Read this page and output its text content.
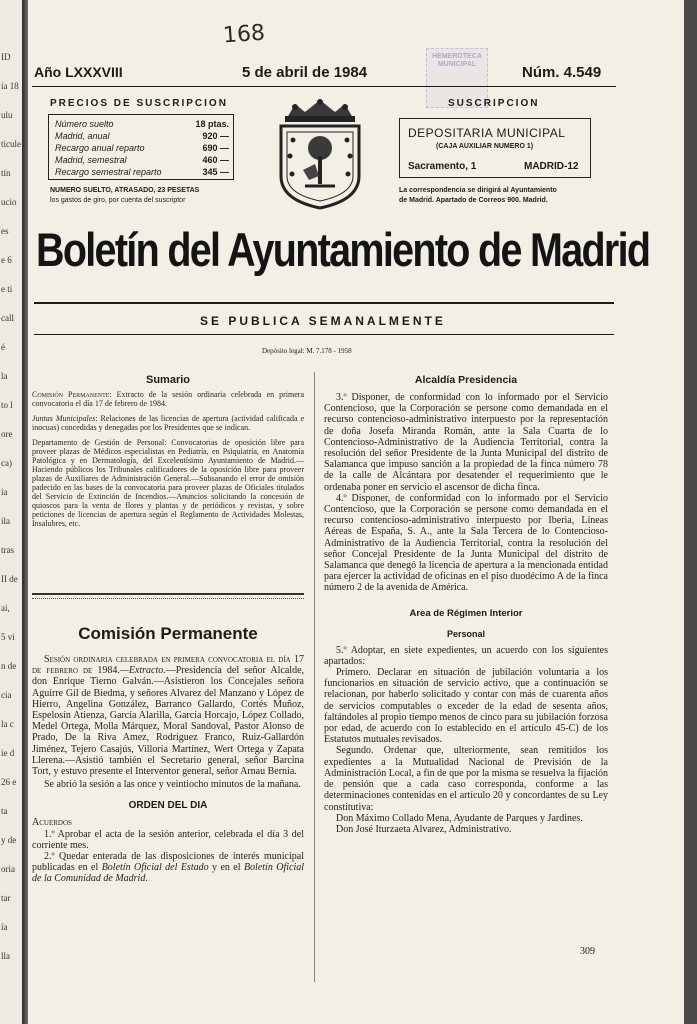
ID
ía 18
ulu
ticule
tín
ucio
es
e 6
e ti
call
é
la
to l
ore
ca)
ia
ila
tras
II de
ai,
5 vi
n de
cia
la c
ie d
26 e
ta
y de
oria
tar
ía
lla
168
HEMEROTECA MUNICIPAL
Año LXXXVIII	5 de abril de 1984	Núm. 4.549
PRECIOS DE SUSCRIPCION
Número suelto	18 ptas.
Madrid, anual	920 —
Recargo anual reparto	690 —
Madrid, semestral	460 —
Recargo semestral reparto	345 —
NUMERO SUELTO, ATRASADO, 23 PESETAS
los gastos de giro, por cuenta del suscriptor
SUSCRIPCION
DEPOSITARIA MUNICIPAL
(CAJA AUXILIAR NUMERO 1)
Sacramento, 1	MADRID-12
La correspondencia se dirigirá al Ayuntamiento
de Madrid. Apartado de Correos 900. Madrid.
Boletín del Ayuntamiento de Madrid
SE PUBLICA SEMANALMENTE
Depósito legal: M. 7.178 - 1958
Sumario
Comisión Permanente: Extracto de la sesión ordinaria celebrada en primera convocatoria el día 17 de febrero de 1984.
Juntas Municipales: Relaciones de las licencias de apertura (actividad calificada e inocuas) concedidas y denegadas por los Presidentes que se indican.
Departamento de Gestión de Personal: Convocatorias de oposición libre para proveer plazas de Médicos especialistas en Pediatría, en Psiquiatría, en Anatomía Patológica y en Dermatología, del Excelentísimo Ayuntamiento de Madrid.—Haciendo públicos los Tribunales calificadores de la oposición libre para proveer plazas de Auxiliares de Administración General.—Subsanando el error de omisión padecido en las bases de la convocatoria para proveer plazas de Oficiales titulados del Servicio de Extinción de Incendios.—Anuncios solicitando la concesión de quioscos para la venta de flores y plantas y de periódicos y revistas, y sobre peticiones de licencias de apertura según el Reglamento de Actividades Molestas, Insalubres, etc.
Comisión Permanente
Sesión ordinaria celebrada en primera convocatoria el día 17 de febrero de 1984.—Extracto.—Presidencia del señor Alcalde, don Enrique Tierno Galván.—Asistieron los Concejales señora Aguirre Gil de Biedma, y señores Alvarez del Manzano y López de Hierro, Angelina González, Barranco Gallardo, Cortés Muñoz, Espelosín Atienza, García Alarilla, García Horcajo, López Collado, Medel Ortega, Molla Márquez, Moral Sandoval, Pastor Alonso de Prado, De la Riva Amez, Rodríguez Franco, Ruiz-Gallardón Jiménez, Tejero Casajús, Villoria Martínez, Wert Ortega y Zapata Llerena.—Asistió también el Secretario general, señor Barcina Tort, y estuvo presente el Interventor general, señor Arnau Bernia.
Se abrió la sesión a las once y veintiocho minutos de la mañana.
ORDEN DEL DIA
Acuerdos
1.º Aprobar el acta de la sesión anterior, celebrada el día 3 del corriente mes.
2.º Quedar enterada de las disposiciones de interés municipal publicadas en el Boletín Oficial del Estado y en el Boletín Oficial de la Comunidad de Madrid.
Alcaldía Presidencia
3.º Disponer, de conformidad con lo informado por el Servicio Contencioso, que la Corporación se persone como demandada en el recurso contencioso-administrativo interpuesto por la representación de doña Josefa Miranda Román, ante la Sala Cuarta de lo Contencioso-Administrativo de la Audiencia Territorial, contra la resolución del señor Presidente de la Junta Municipal del distrito de Salamanca que impuso sanción a la propiedad de la finca número 78 de la calle de Alcántara por desatender el requerimiento que le ordenaba poner en servicio el ascensor de dicha finca.
4.º Disponer, de conformidad con lo informado por el Servicio Contencioso, que la Corporación se persone como demandada en el recurso contencioso-administrativo interpuesto por Iberia, Líneas Aéreas de España, S. A., ante la Sala Tercera de lo Contencioso-Administrativo de la Audiencia Territorial, contra la resolución del señor Concejal Presidente de la Junta Municipal del distrito de Salamanca que denegó la licencia de apertura a la mencionada entidad para ejercer la actividad de oficinas en el piso duodécimo A de la finca número 2 de la avenida de América.
Area de Régimen Interior
Personal
5.º Adoptar, en siete expedientes, un acuerdo con los siguientes apartados:
Primero. Declarar en situación de jubilación voluntaria a los funcionarios en situación de servicio activo, que a continuación se relacionan, por haberlo solicitado y contar con más de cuarenta años de servicios computables o exceder de la edad de sesenta años, faltándoles al propio tiempo menos de cinco para su jubilación forzosa por edad, de acuerdo con lo establecido en el artículo 45-C) de los Estatutos mutuales revisados.
Segundo. Ordenar que, ulteriormente, sean remitidos los expedientes a la Mutualidad Nacional de Previsión de la Administración Local, a fin de que por la misma se resuelva la fijación de pensión que a cada caso corresponda, conforme a las determinaciones contenidas en el artículo 20 y concordantes de su Ley constitutiva:
Don Máximo Collado Mena, Ayudante de Parques y Jardines.
Don José Iturzaeta Alvarez, Administrativo.
309
